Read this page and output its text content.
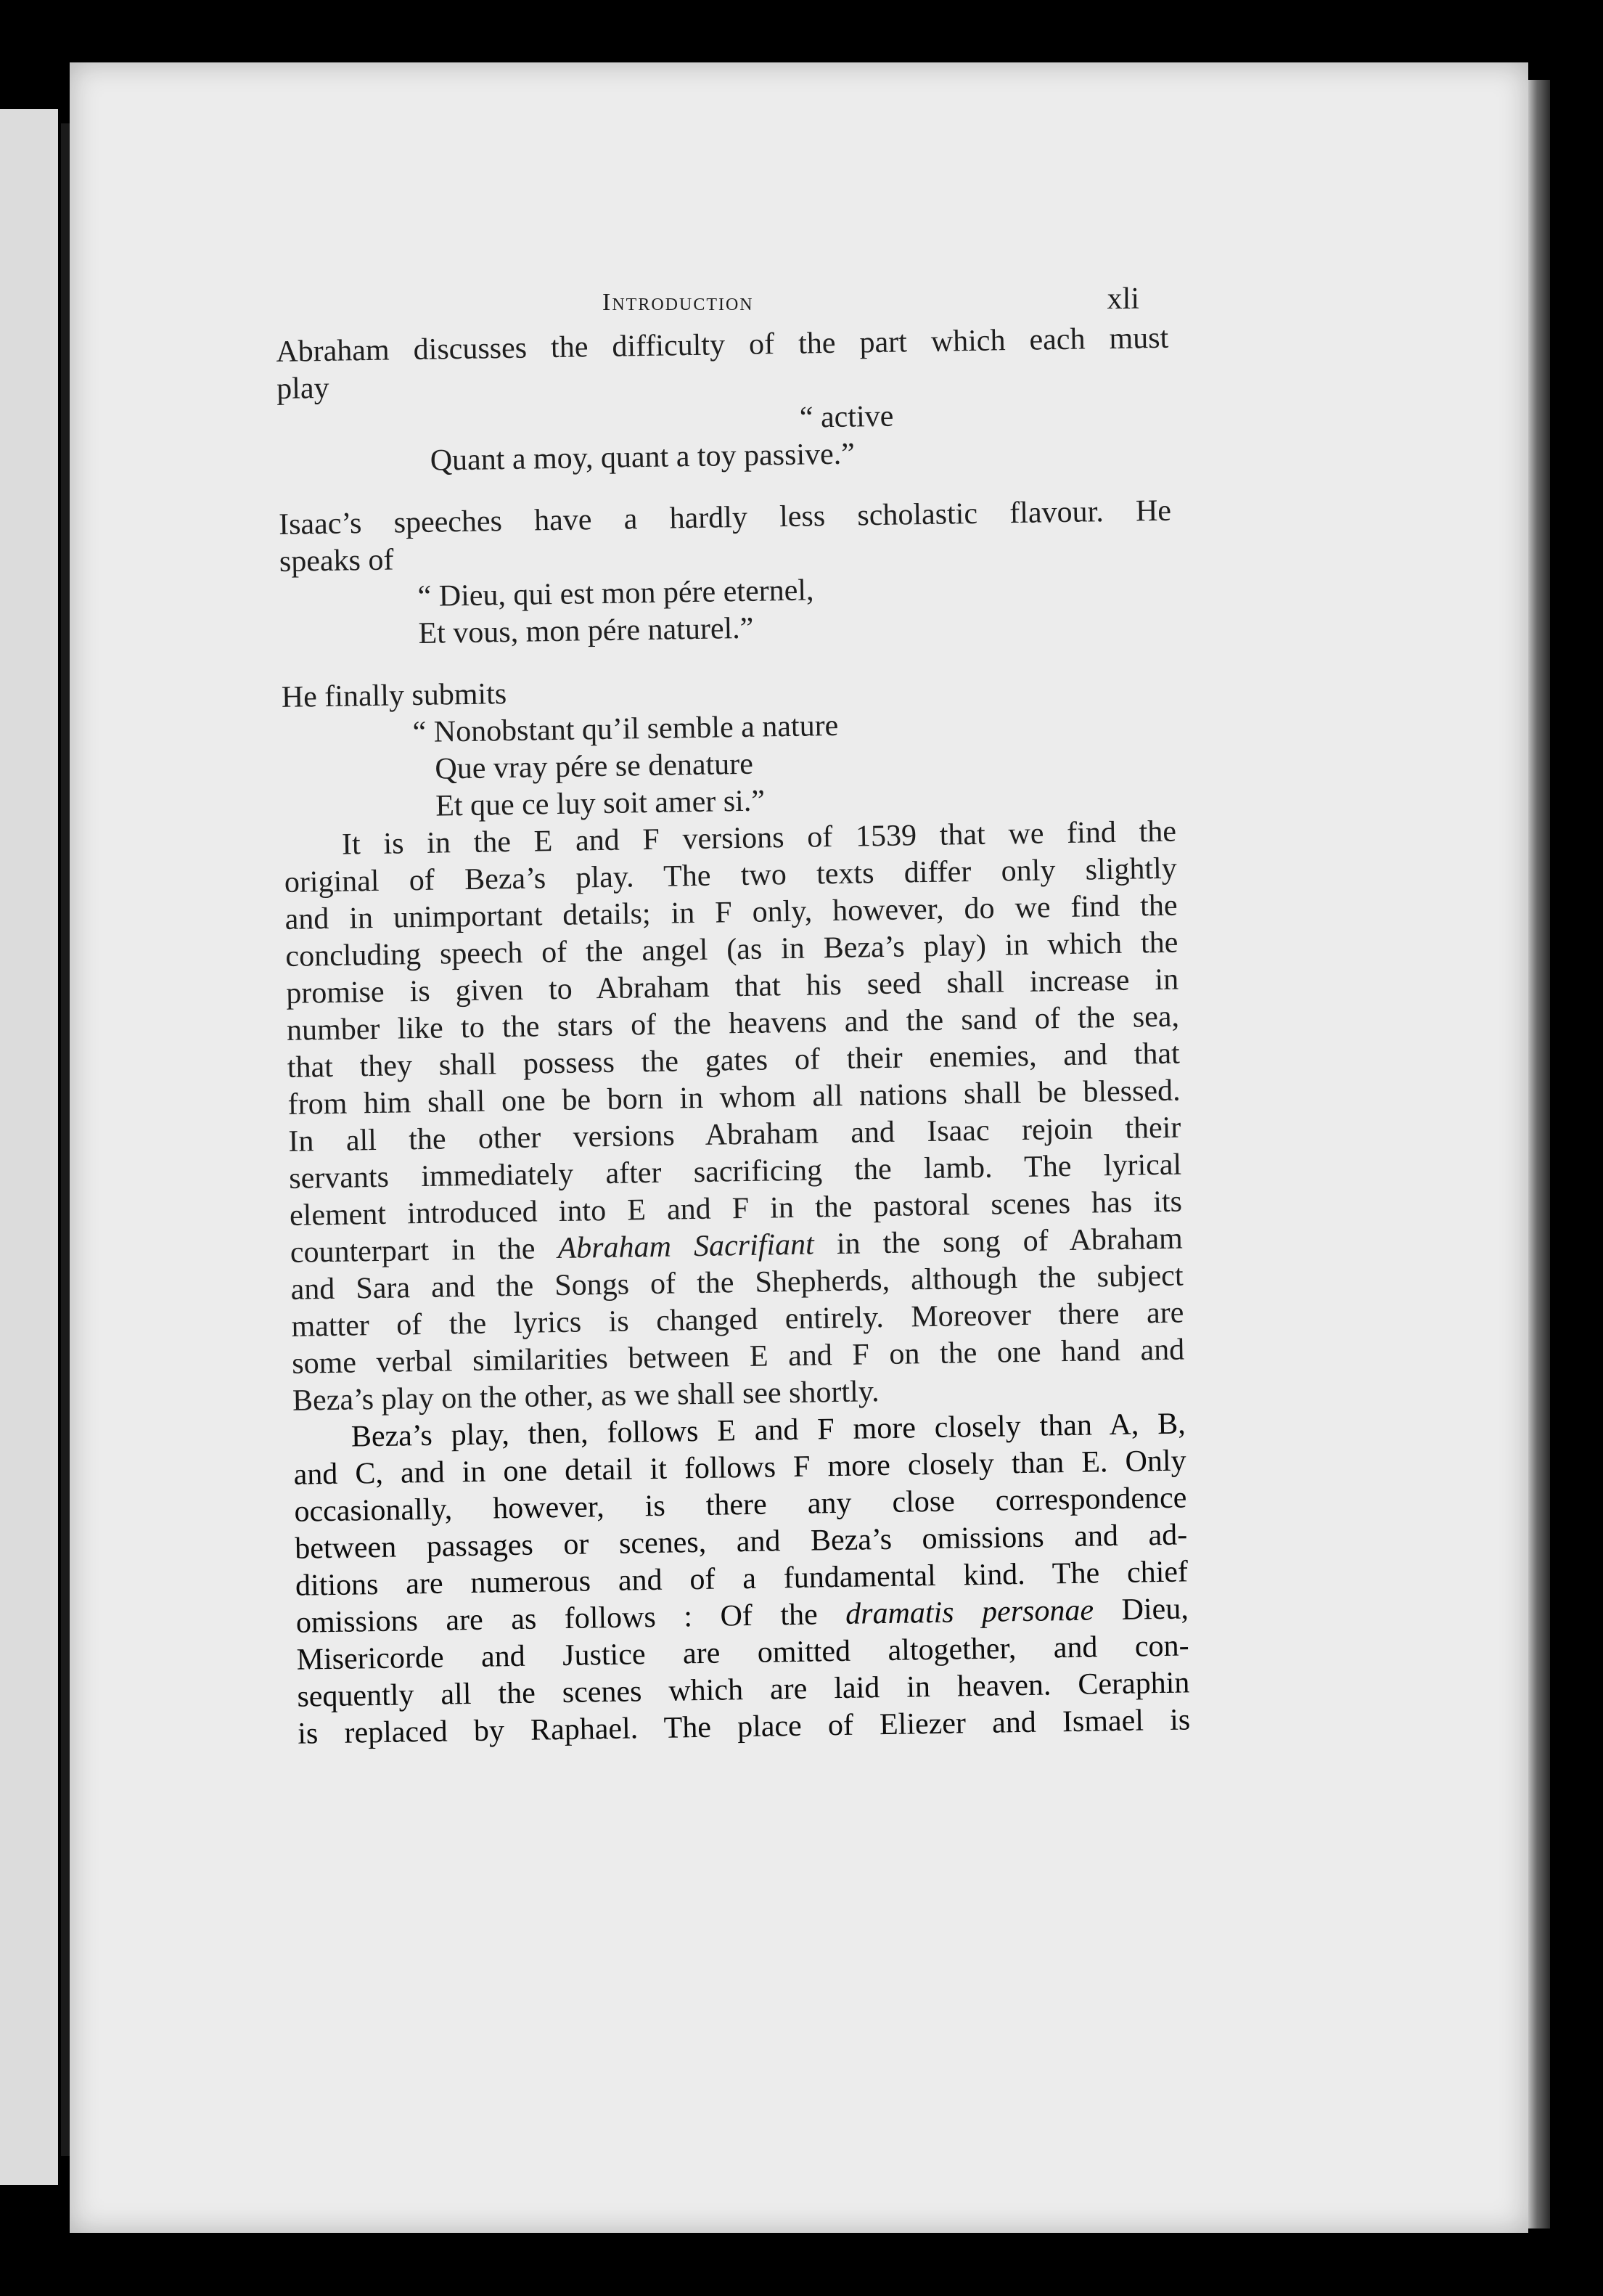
Introduction	xli
Abraham discusses the difficulty of the part which each must
play
“ active
Quant a moy, quant a toy passive.”
Isaac’s speeches have a hardly less scholastic flavour. He
speaks of
“ Dieu, qui est mon pére eternel,
Et vous, mon pére naturel.”
He finally submits
“ Nonobstant qu’il semble a nature
Que vray pére se denature
Et que ce luy soit amer si.”
It is in the E and F versions of 1539 that we find the
original of Beza’s play. The two texts differ only slightly
and in unimportant details; in F only, however, do we find the
concluding speech of the angel (as in Beza’s play) in which the
promise is given to Abraham that his seed shall increase in
number like to the stars of the heavens and the sand of the sea,
that they shall possess the gates of their enemies, and that
from him shall one be born in whom all nations shall be blessed.
In all the other versions Abraham and Isaac rejoin their
servants immediately after sacrificing the lamb. The lyrical
element introduced into E and F in the pastoral scenes has its
counterpart in the Abraham Sacrifiant in the song of Abraham
and Sara and the Songs of the Shepherds, although the subject
matter of the lyrics is changed entirely. Moreover there are
some verbal similarities between E and F on the one hand and
Beza’s play on the other, as we shall see shortly.
Beza’s play, then, follows E and F more closely than A, B,
and C, and in one detail it follows F more closely than E. Only
occasionally, however, is there any close correspondence
between passages or scenes, and Beza’s omissions and ad-
ditions are numerous and of a fundamental kind. The chief
omissions are as follows : Of the dramatis personae Dieu,
Misericorde and Justice are omitted altogether, and con-
sequently all the scenes which are laid in heaven. Ceraphin
is replaced by Raphael. The place of Eliezer and Ismael is
